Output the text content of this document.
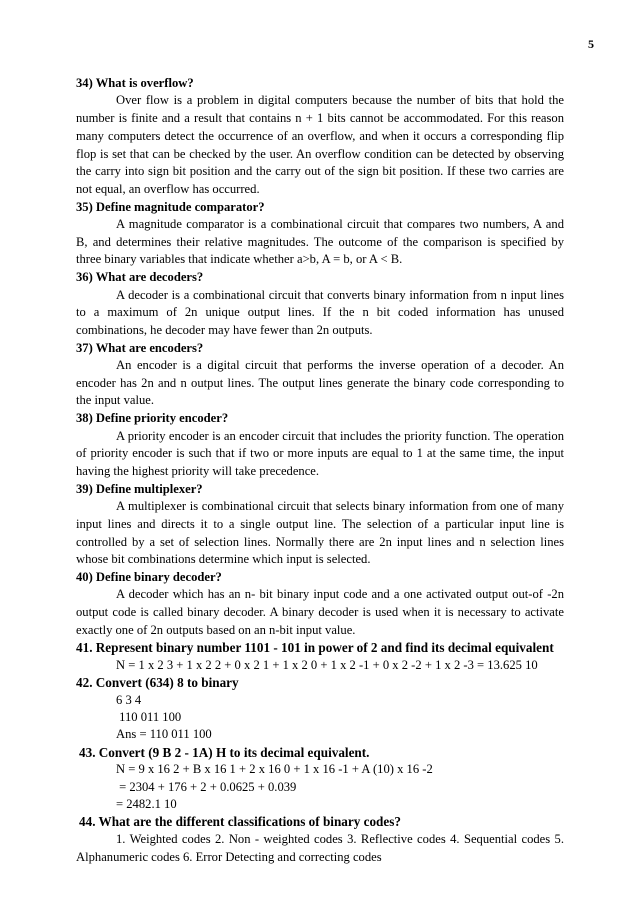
5

34) What is overflow?

Over flow is a problem in digital computers because the number of bits that hold the number is finite and a result that contains n + 1 bits cannot be accommodated. For this reason many computers detect the occurrence of an overflow, and when it occurs a corresponding flip flop is set that can be checked by the user. An overflow condition can be detected by observing the carry into sign bit position and the carry out of the sign bit position. If these two carries are not equal, an overflow has occurred.

35) Define magnitude comparator?

A magnitude comparator is a combinational circuit that compares two numbers, A and B, and determines their relative magnitudes. The outcome of the comparison is specified by three binary variables that indicate whether a>b, A = b, or A < B.

36) What are decoders?

A decoder is a combinational circuit that converts binary information from n input lines to a maximum of 2n unique output lines. If the n bit coded information has unused combinations, he decoder may have fewer than 2n outputs.

37) What are encoders?

An encoder is a digital circuit that performs the inverse operation of a decoder. An encoder has 2n and n output lines. The output lines generate the binary code corresponding to the input value.

38) Define priority encoder?

A priority encoder is an encoder circuit that includes the priority function. The operation of priority encoder is such that if two or more inputs are equal to 1 at the same time, the input having the highest priority will take precedence.

39) Define multiplexer?

A multiplexer is combinational circuit that selects binary information from one of many input lines and directs it to a single output line. The selection of a particular input line is controlled by a set of selection lines. Normally there are 2n input lines and n selection lines whose bit combinations determine which input is selected.

40) Define binary decoder?

A decoder which has an n- bit binary input code and a one activated output out-of -2n output code is called binary decoder. A binary decoder is used when it is necessary to activate exactly one of 2n outputs based on an n-bit input value.

41. Represent binary number 1101 - 101 in power of 2 and find its decimal equivalent

N = 1 x 2 3 + 1 x 2 2 + 0 x 2 1 + 1 x 2 0 + 1 x 2 -1 + 0 x 2 -2 + 1 x 2 -3 = 13.625 10

42. Convert (634) 8 to binary

6 3 4

110 011 100

Ans = 110 011 100

43. Convert (9 B 2 - 1A) H to its decimal equivalent.

N = 9 x 16 2 + B x 16 1 + 2 x 16 0 + 1 x 16 -1 + A (10) x 16 -2

= 2304 + 176 + 2 + 0.0625 + 0.039

= 2482.1 10

44. What are the different classifications of binary codes?

1. Weighted codes 2. Non - weighted codes 3. Reflective codes 4. Sequential codes 5. Alphanumeric codes 6. Error Detecting and correcting codes
